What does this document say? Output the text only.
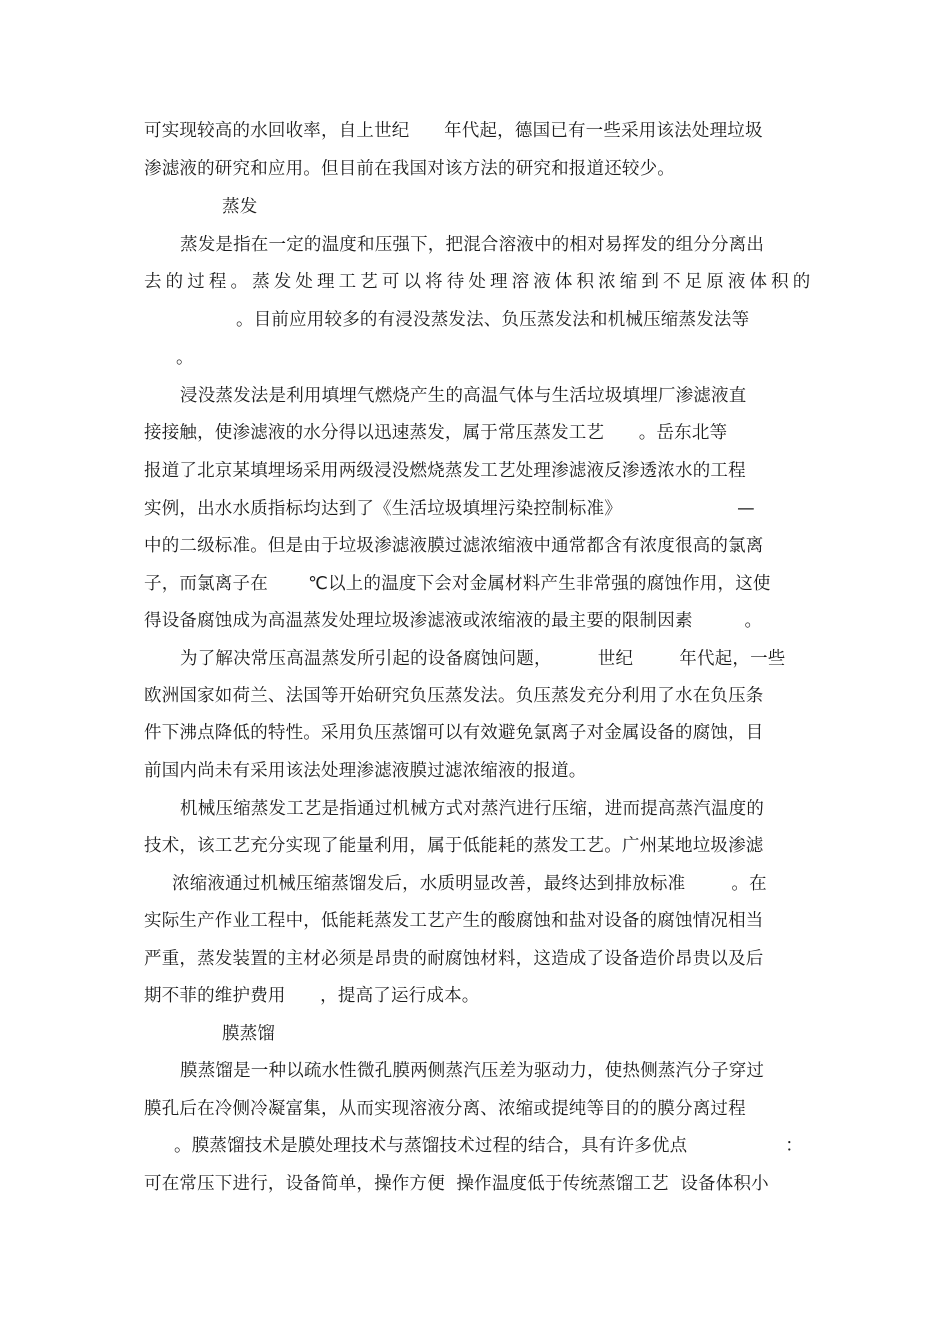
可实现较高的水回收率，自上世纪      年代起，德国已有一些采用该法处理垃圾
渗滤液的研究和应用。但目前在我国对该方法的研究和报道还较少。
蒸发
蒸发是指在一定的温度和压强下，把混合溶液中的相对易挥发的组分分离出
去 的 过 程 。 蒸 发 处 理 工 艺 可 以 将 待 处 理 溶 液 体 积 浓 缩 到 不 足 原 液 体 积 的
。目前应用较多的有浸没蒸发法、负压蒸发法和机械压缩蒸发法等
。
浸没蒸发法是利用填埋气燃烧产生的高温气体与生活垃圾填埋厂渗滤液直
接接触，使渗滤液的水分得以迅速蒸发，属于常压蒸发工艺      。岳东北等
报道了北京某填埋场采用两级浸没燃烧蒸发工艺处理渗滤液反渗透浓水的工程
实例，出水水质指标均达到了《生活垃圾填埋污染控制标准》                    —
中的二级标准。但是由于垃圾渗滤液膜过滤浓缩液中通常都含有浓度很高的氯离
子，而氯离子在       ℃以上的温度下会对金属材料产生非常强的腐蚀作用，这使
得设备腐蚀成为高温蒸发处理垃圾渗滤液或浓缩液的最主要的限制因素         。
为了解决常压高温蒸发所引起的设备腐蚀问题，        世纪        年代起，一些
欧洲国家如荷兰、法国等开始研究负压蒸发法。负压蒸发充分利用了水在负压条
件下沸点降低的特性。采用负压蒸馏可以有效避免氯离子对金属设备的腐蚀，目
前国内尚未有采用该法处理渗滤液膜过滤浓缩液的报道。
机械压缩蒸发工艺是指通过机械方式对蒸汽进行压缩，进而提高蒸汽温度的
技术，该工艺充分实现了能量利用，属于低能耗的蒸发工艺。广州某地垃圾渗滤
浓缩液通过机械压缩蒸馏发后，水质明显改善，最终达到排放标准        。在
实际生产作业工程中，低能耗蒸发工艺产生的酸腐蚀和盐对设备的腐蚀情况相当
严重，蒸发装置的主材必须是昂贵的耐腐蚀材料，这造成了设备造价昂贵以及后
期不菲的维护费用      ，提高了运行成本。
膜蒸馏
膜蒸馏是一种以疏水性微孔膜两侧蒸汽压差为驱动力，使热侧蒸汽分子穿过
膜孔后在冷侧冷凝富集，从而实现溶液分离、浓缩或提纯等目的的膜分离过程
。膜蒸馏技术是膜处理技术与蒸馏技术过程的结合，具有许多优点                 ：
可在常压下进行，设备简单，操作方便  操作温度低于传统蒸馏工艺  设备体积小
